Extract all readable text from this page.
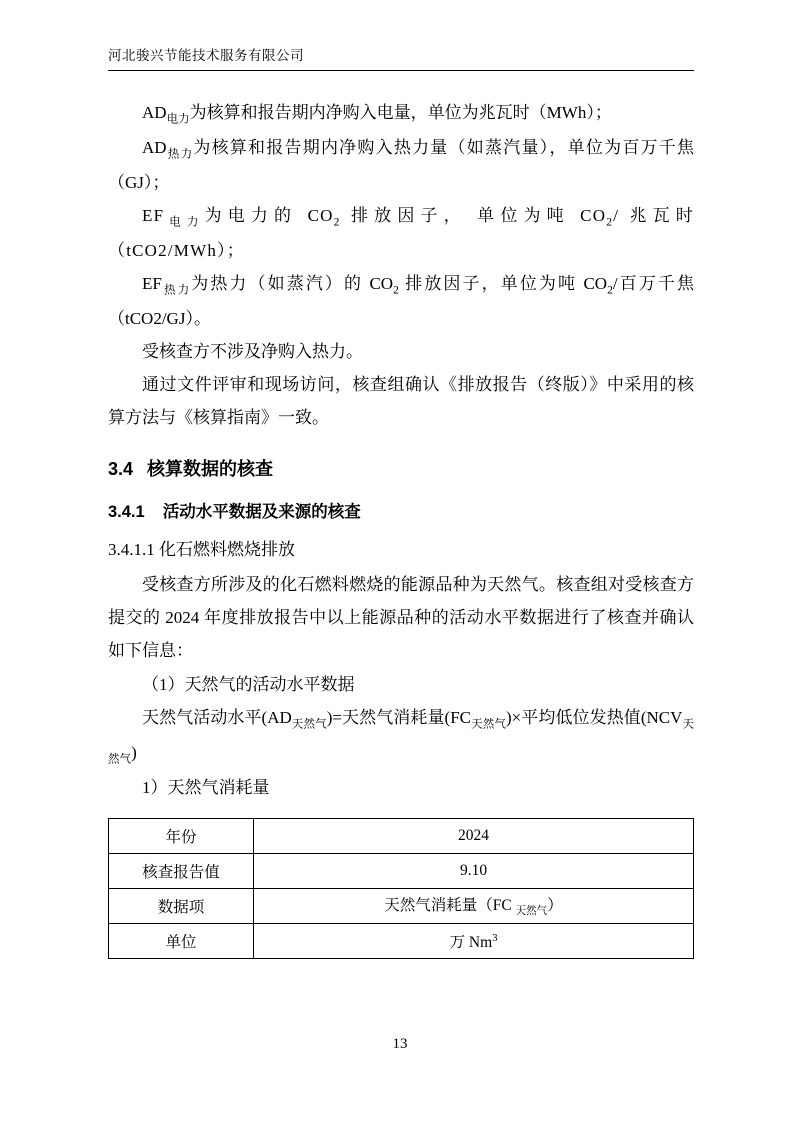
河北骏兴节能技术服务有限公司

$AD_{电力}$为核算和报告期内净购入电量，单位为兆瓦时（MWh）；

$AD_{热力}$为核算和报告期内净购入热力量（如蒸汽量），单位为百万千焦（GJ）；

$EF_{电力}$为电力的 $CO_2$ 排放因子， 单位为吨 $CO_2/$ 兆瓦时（tCO2/MWh）；

$EF_{热力}$为热力（如蒸汽）的 $CO_2$ 排放因子，单位为吨 $CO_2/$百万千焦（tCO2/GJ）。

受核查方不涉及净购入热力。

通过文件评审和现场访问，核查组确认《排放报告（终版）》中采用的核算方法与《核算指南》一致。

3.4 核算数据的核查
3.4.1 活动水平数据及来源的核查
3.4.1.1 化石燃料燃烧排放

受核查方所涉及的化石燃料燃烧的能源品种为天然气。核查组对受核查方提交的 2024 年度排放报告中以上能源品种的活动水平数据进行了核查并确认如下信息：

（1）天然气的活动水平数据

天然气活动水平$(AD_{天然气})=$天然气消耗量$(FC_{天然气})\times$平均低位发热值$(NCV_{天然气})$

1）天然气消耗量

年份	2024
核查报告值	9.10
数据项	天然气消耗量（FC $_{天然气}$）
单位	万 Nm$^3$
13
